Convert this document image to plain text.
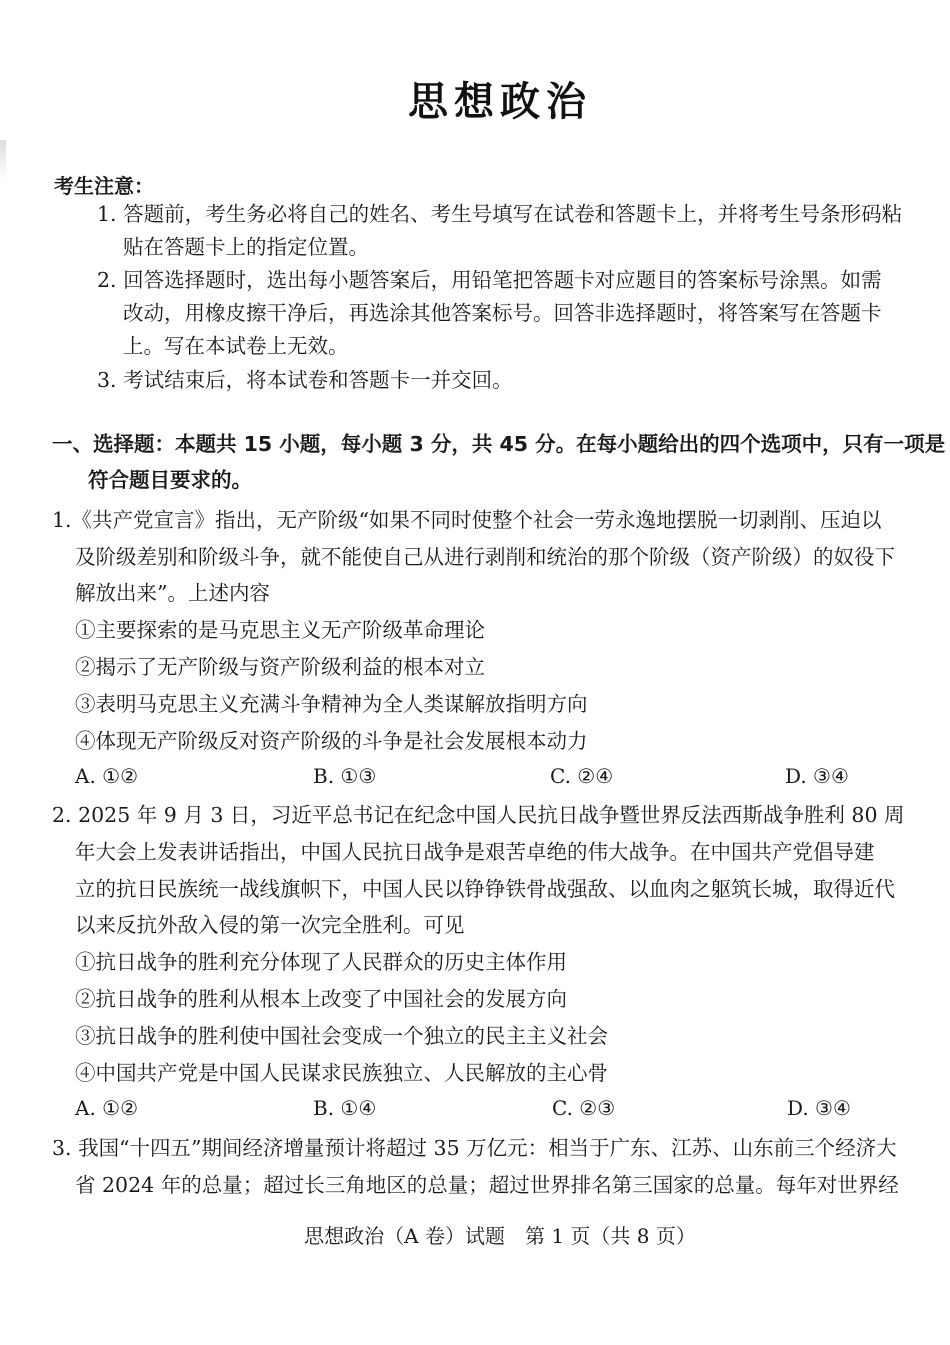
思想政治
考生注意：
1. 答题前，考生务必将自己的姓名、考生号填写在试卷和答题卡上，并将考生号条形码粘
贴在答题卡上的指定位置。
2. 回答选择题时，选出每小题答案后，用铅笔把答题卡对应题目的答案标号涂黑。如需
改动，用橡皮擦干净后，再选涂其他答案标号。回答非选择题时，将答案写在答题卡
上。写在本试卷上无效。
3. 考试结束后，将本试卷和答题卡一并交回。
一、选择题：本题共 15 小题，每小题 3 分，共 45 分。在每小题给出的四个选项中，只有一项是
符合题目要求的。
1.《共产党宣言》指出，无产阶级“如果不同时使整个社会一劳永逸地摆脱一切剥削、压迫以
及阶级差别和阶级斗争，就不能使自己从进行剥削和统治的那个阶级（资产阶级）的奴役下
解放出来”。上述内容
①主要探索的是马克思主义无产阶级革命理论
②揭示了无产阶级与资产阶级利益的根本对立
③表明马克思主义充满斗争精神为全人类谋解放指明方向
④体现无产阶级反对资产阶级的斗争是社会发展根本动力
A. ①②	B. ①③	C. ②④	D. ③④
2. 2025 年 9 月 3 日，习近平总书记在纪念中国人民抗日战争暨世界反法西斯战争胜利 80 周
年大会上发表讲话指出，中国人民抗日战争是艰苦卓绝的伟大战争。在中国共产党倡导建
立的抗日民族统一战线旗帜下，中国人民以铮铮铁骨战强敌、以血肉之躯筑长城，取得近代
以来反抗外敌入侵的第一次完全胜利。可见
①抗日战争的胜利充分体现了人民群众的历史主体作用
②抗日战争的胜利从根本上改变了中国社会的发展方向
③抗日战争的胜利使中国社会变成一个独立的民主主义社会
④中国共产党是中国人民谋求民族独立、人民解放的主心骨
A. ①②	B. ①④	C. ②③	D. ③④
3. 我国“十四五”期间经济增量预计将超过 35 万亿元：相当于广东、江苏、山东前三个经济大
省 2024 年的总量；超过长三角地区的总量；超过世界排名第三国家的总量。每年对世界经
思想政治（A 卷）试题　第 1 页（共 8 页）
